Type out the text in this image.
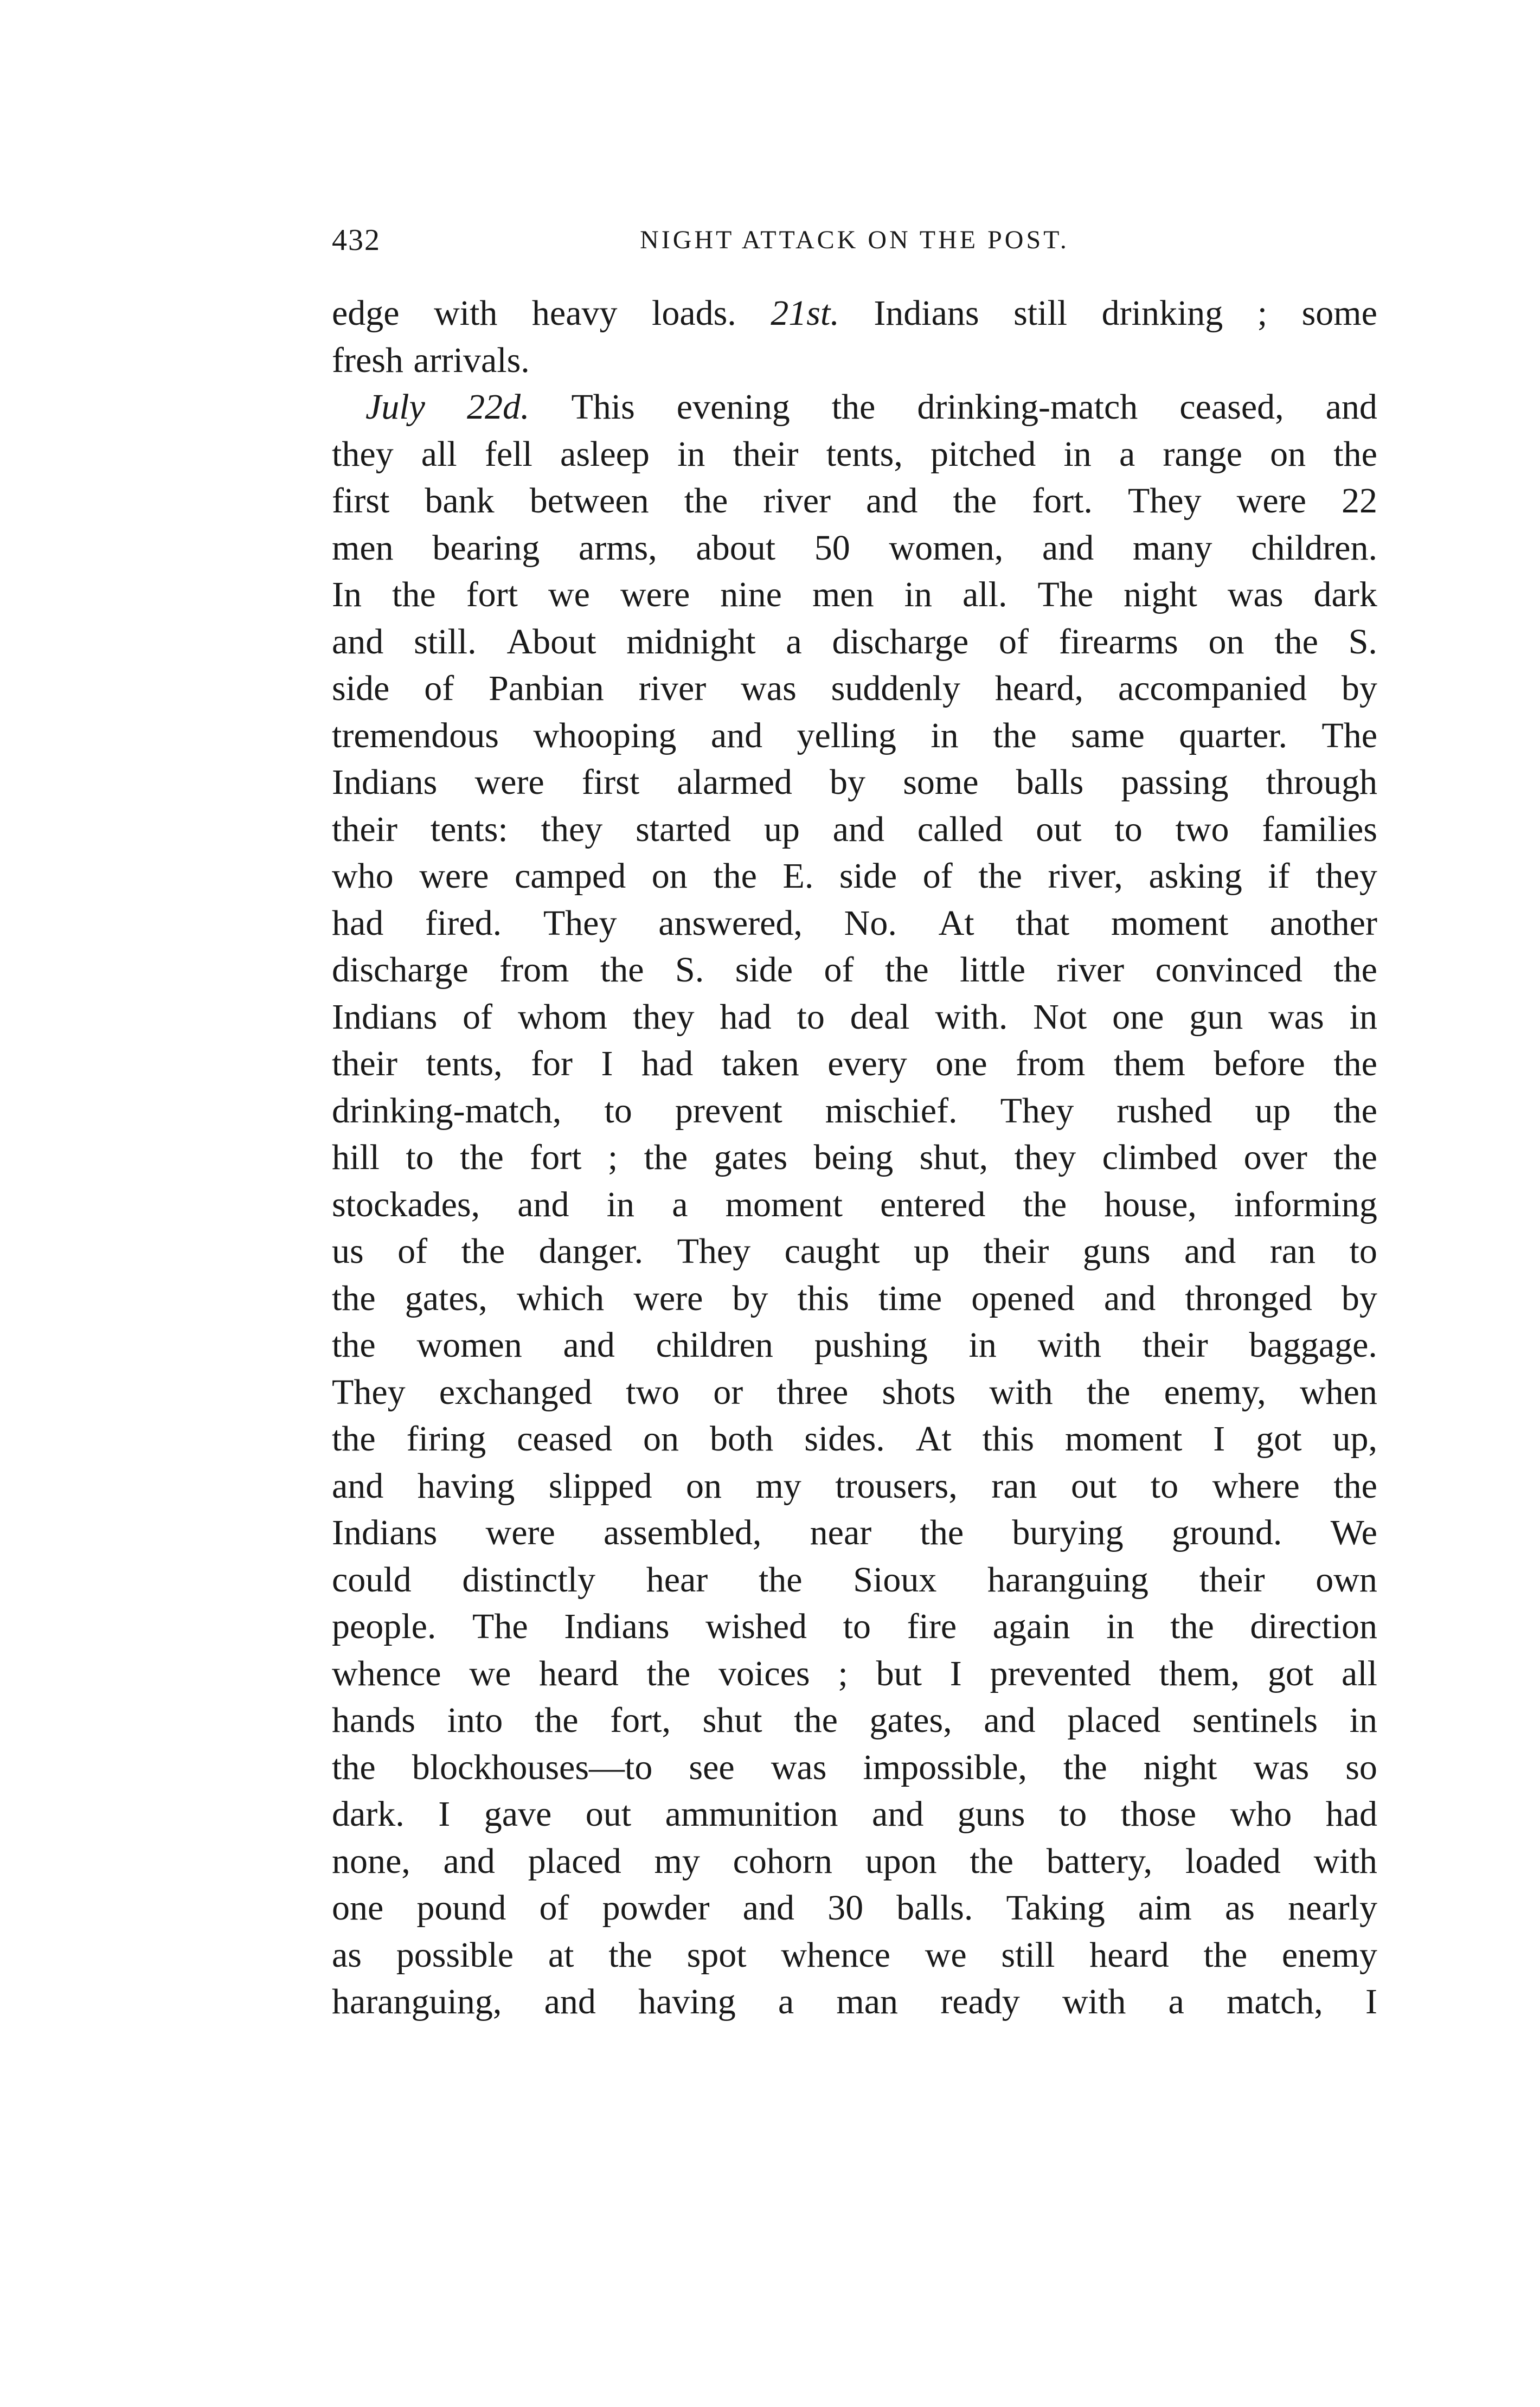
432	NIGHT ATTACK ON THE POST.
edge with heavy loads. 21st. Indians still drinking ; some
fresh arrivals.
July 22d. This evening the drinking-match ceased, and
they all fell asleep in their tents, pitched in a range on the
first bank between the river and the fort. They were 22
men bearing arms, about 50 women, and many children.
In the fort we were nine men in all. The night was dark
and still. About midnight a discharge of firearms on the S.
side of Panbian river was suddenly heard, accompanied by
tremendous whooping and yelling in the same quarter. The
Indians were first alarmed by some balls passing through
their tents: they started up and called out to two families
who were camped on the E. side of the river, asking if they
had fired. They answered, No. At that moment another
discharge from the S. side of the little river convinced the
Indians of whom they had to deal with. Not one gun was in
their tents, for I had taken every one from them before the
drinking-match, to prevent mischief. They rushed up the
hill to the fort ; the gates being shut, they climbed over the
stockades, and in a moment entered the house, informing
us of the danger. They caught up their guns and ran to
the gates, which were by this time opened and thronged by
the women and children pushing in with their baggage.
They exchanged two or three shots with the enemy, when
the firing ceased on both sides. At this moment I got up,
and having slipped on my trousers, ran out to where the
Indians were assembled, near the burying ground. We
could distinctly hear the Sioux haranguing their own
people. The Indians wished to fire again in the direction
whence we heard the voices ; but I prevented them, got all
hands into the fort, shut the gates, and placed sentinels in
the blockhouses—to see was impossible, the night was so
dark. I gave out ammunition and guns to those who had
none, and placed my cohorn upon the battery, loaded with
one pound of powder and 30 balls. Taking aim as nearly
as possible at the spot whence we still heard the enemy
haranguing, and having a man ready with a match, I
